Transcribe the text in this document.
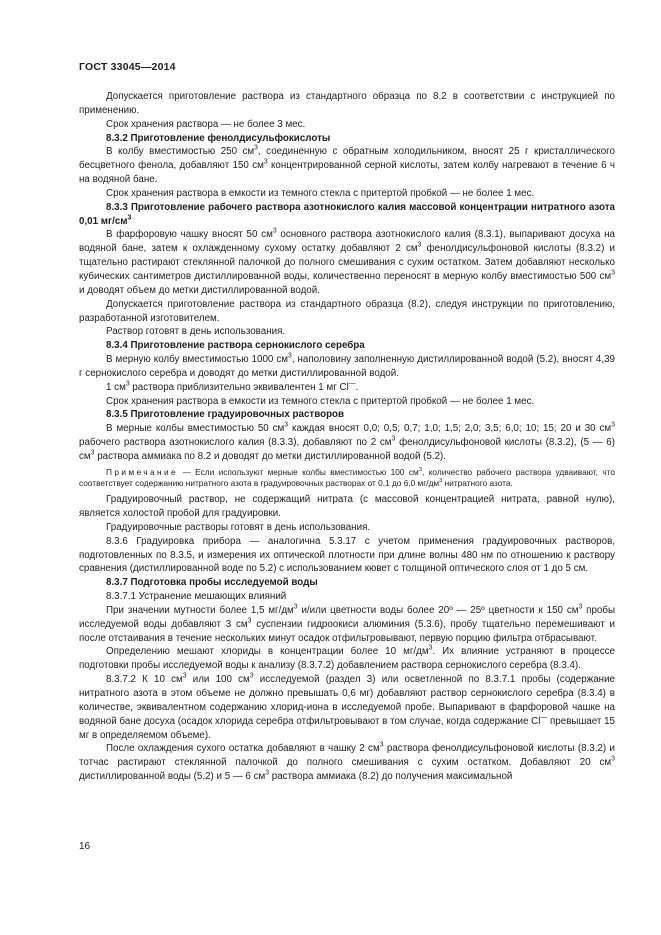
ГОСТ 33045—2014

Допускается приготовление раствора из стандартного образца по 8.2 в соответствии с инструкцией по применению.

Срок хранения раствора — не более 3 мес.

8.3.2 Приготовление фенолдисульфокислоты

В колбу вместимостью 250 $см^3$, соединенную с обратным холодильником, вносят 25 г кристаллического бесцветного фенола, добавляют 150 $см^3$ концентрированной серной кислоты, затем колбу нагревают в течение 6 ч на водяной бане.

Срок хранения раствора в емкости из темного стекла с притертой пробкой — не более 1 мес.

8.3.3 Приготовление рабочего раствора азотнокислого калия массовой концентрации нитратного азота 0,01 $мг/см^3$

В фарфоровую чашку вносят 50 $см^3$ основного раствора азотнокислого калия (8.3.1), выпаривают досуха на водяной бане, затем к охлажденному сухому остатку добавляют 2 $см^3$ фенолдисульфоновой кислоты (8.3.2) и тщательно растирают стеклянной палочкой до полного смешивания с сухим остатком. Затем добавляют несколько кубических сантиметров дистиллированной воды, количественно переносят в мерную колбу вместимостью 500 $см^3$ и доводят объем до метки дистиллированной водой.

Допускается приготовление раствора из стандартного образца (8.2), следуя инструкции по приготовлению, разработанной изготовителем.

Раствор готовят в день использования.

8.3.4 Приготовление раствора сернокислого серебра

В мерную колбу вместимостью 1000 $см^3$, наполовину заполненную дистиллированной водой (5.2), вносят 4,39 г сернокислого серебра и доводят до метки дистиллированной водой.

1 $см^3$ раствора приблизительно эквивалентен 1 мг Cl—.

Срок хранения раствора в емкости из темного стекла с притертой пробкой — не более 1 мес.

8.3.5 Приготовление градуировочных растворов

В мерные колбы вместимостью 50 $см^3$ каждая вносят 0,0; 0,5; 0,7; 1,0; 1,5; 2,0; 3,5; 6,0; 10; 15; 20 и 30 $см^3$ рабочего раствора азотнокислого калия (8.3.3), добавляют по 2 $см^3$ фенолдисульфоновой кислоты (8.3.2), (5 — 6) $см^3$ раствора аммиака по 8.2 и доводят до метки дистиллированной водой (5.2).

Примечание — Если используют мерные колбы вместимостью 100 $см^3$, количество рабочего раствора удваивают, что соответствует содержанию нитратного азота в градуировочных растворах от 0,1 до 6,0 $мг/дм^3$ нитратного азота.

Градуировочный раствор, не содержащий нитрата (с массовой концентрацией нитрата, равной нулю), является холостой пробой для градуировки.

Градуировочные растворы готовят в день использования.

8.3.6 Градуировка прибора — аналогична 5.3.17 с учетом применения градуировочных растворов, подготовленных по 8.3.5, и измерения их оптической плотности при длине волны 480 нм по отношению к раствору сравнения (дистиллированной воде по 5.2) с использованием кювет с толщиной оптического слоя от 1 до 5 см.

8.3.7 Подготовка пробы исследуемой воды

8.3.7.1 Устранение мешающих влияний

При значении мутности более 1,5 $мг/дм^3$ и/или цветности воды более 20º — 25º цветности к 150 $см^3$ пробы исследуемой воды добавляют 3 $см^3$ суспензии гидроокиси алюминия (5.3.6), пробу тщательно перемешивают и после отстаивания в течение нескольких минут осадок отфильтровывают, первую порцию фильтра отбрасывают.

Определению мешают хлориды в концентрации более 10 $мг/дм^3$. Их влияние устраняют в процессе подготовки пробы исследуемой воды к анализу (8.3.7.2) добавлением раствора сернокислого серебра (8.3.4).

8.3.7.2 К 10 $см^3$ или 100 $см^3$ исследуемой (раздел 3) или осветленной по 8.3.7.1 пробы (содержание нитратного азота в этом объеме не должно превышать 0,6 мг) добавляют раствор сернокислого серебра (8.3.4) в количестве, эквивалентном содержанию хлорид-иона в исследуемой пробе. Выпаривают в фарфоровой чашке на водяной бане досуха (осадок хлорида серебра отфильтровывают в том случае, когда содержание Cl— превышает 15 мг в определяемом объеме).

После охлаждения сухого остатка добавляют в чашку 2 $см^3$ раствора фенолдисульфоновой кислоты (8.3.2) и тотчас растирают стеклянной палочкой до полного смешивания с сухим остатком. Добавляют 20 $см^3$ дистиллированной воды (5.2) и 5 — 6 $см^3$ раствора аммиака (8.2) до получения максимальной

16
